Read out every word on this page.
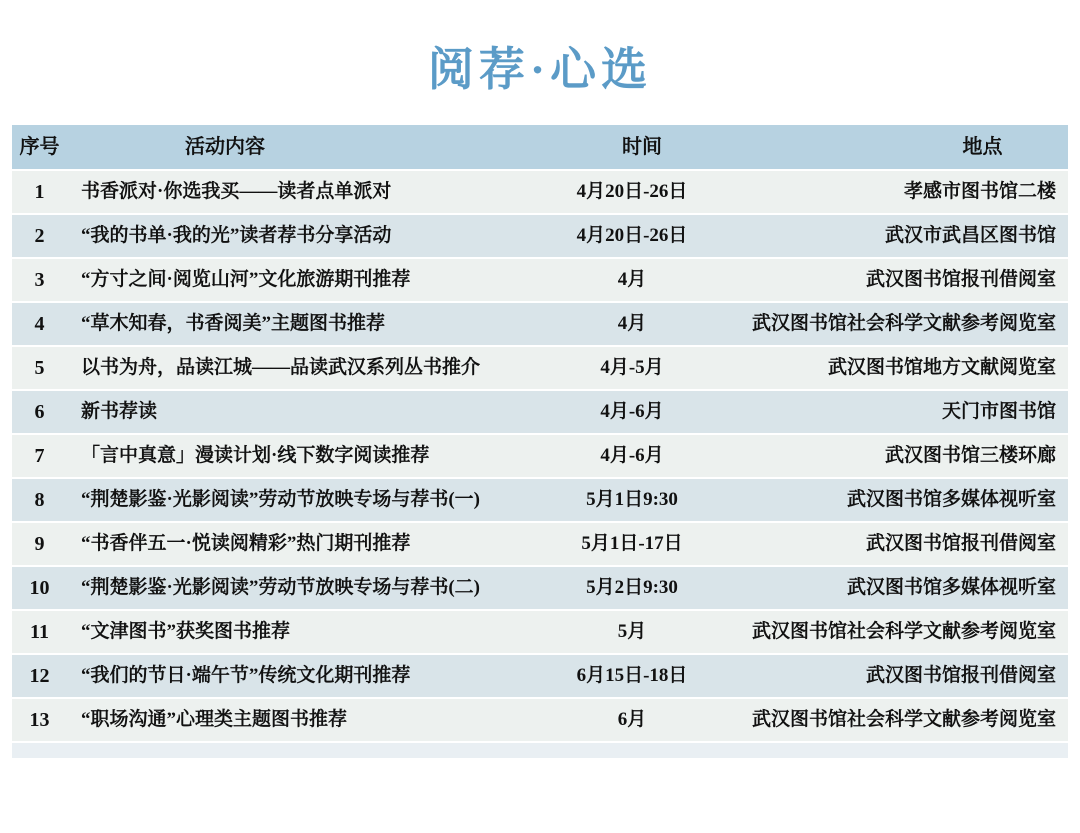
阅荐·心选
序号	活动内容	时间	地点
1	书香派对·你选我买——读者点单派对	4月20日-26日	孝感市图书馆二楼
2	“我的书单·我的光”读者荐书分享活动	4月20日-26日	武汉市武昌区图书馆
3	“方寸之间·阅览山河”文化旅游期刊推荐	4月	武汉图书馆报刊借阅室
4	“草木知春，书香阅美”主题图书推荐	4月	武汉图书馆社会科学文献参考阅览室
5	以书为舟，品读江城——品读武汉系列丛书推介	4月-5月	武汉图书馆地方文献阅览室
6	新书荐读	4月-6月	天门市图书馆
7	「言中真意」漫读计划·线下数字阅读推荐	4月-6月	武汉图书馆三楼环廊
8	“荆楚影鉴·光影阅读”劳动节放映专场与荐书(一)	5月1日9:30	武汉图书馆多媒体视听室
9	“书香伴五一·悦读阅精彩”热门期刊推荐	5月1日-17日	武汉图书馆报刊借阅室
10	“荆楚影鉴·光影阅读”劳动节放映专场与荐书(二)	5月2日9:30	武汉图书馆多媒体视听室
11	“文津图书”获奖图书推荐	5月	武汉图书馆社会科学文献参考阅览室
12	“我们的节日·端午节”传统文化期刊推荐	6月15日-18日	武汉图书馆报刊借阅室
13	“职场沟通”心理类主题图书推荐	6月	武汉图书馆社会科学文献参考阅览室
